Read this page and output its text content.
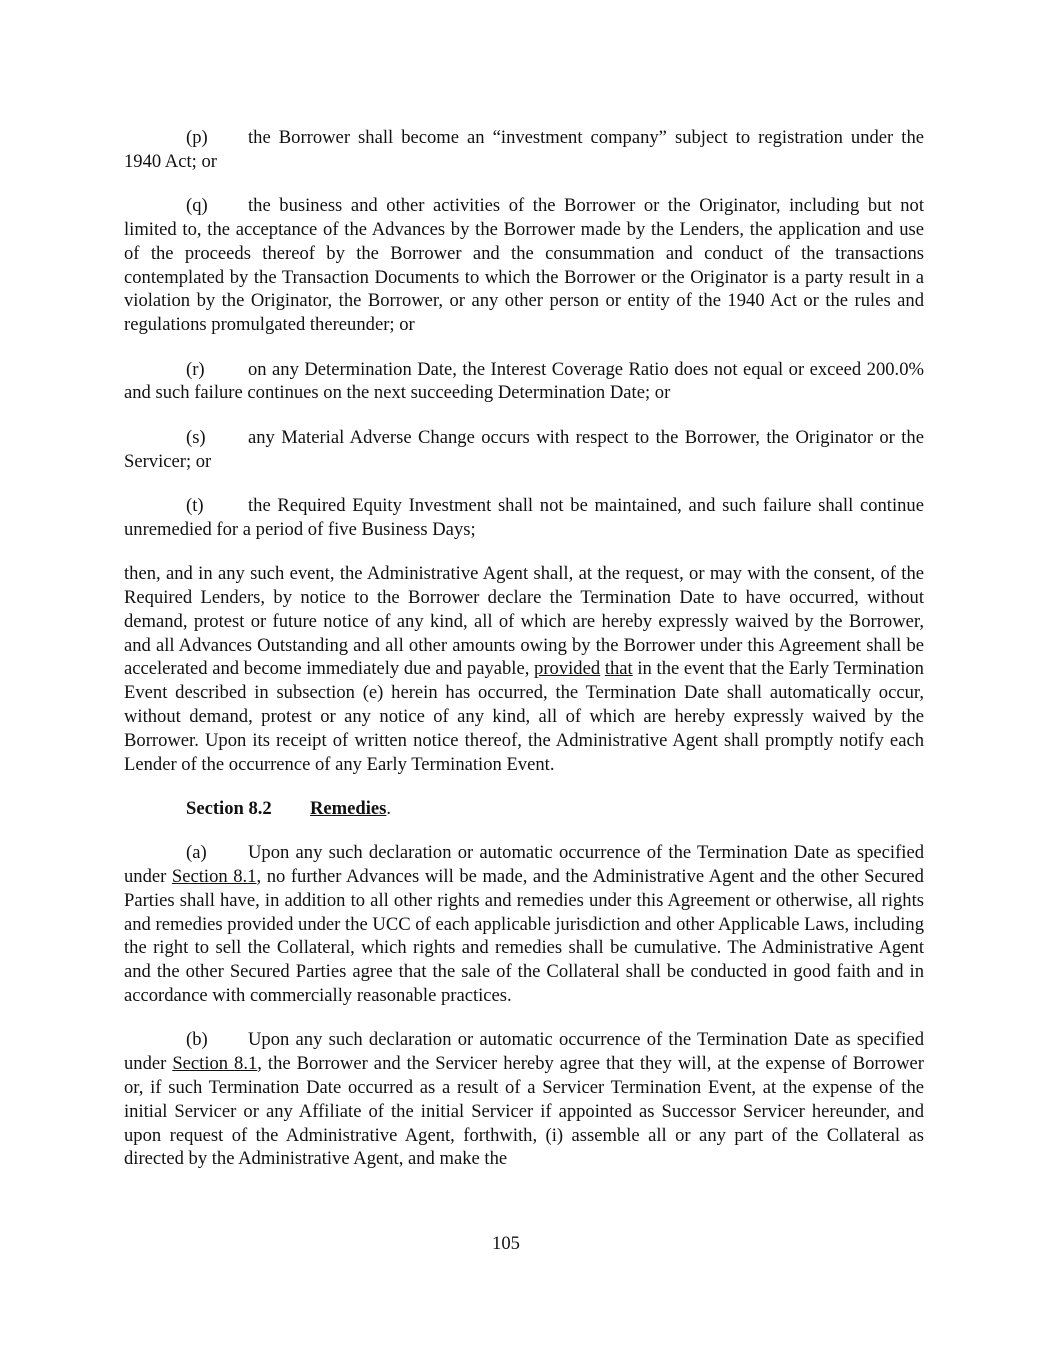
(p) the Borrower shall become an “investment company” subject to registration under the 1940 Act; or

(q) the business and other activities of the Borrower or the Originator, including but not limited to, the acceptance of the Advances by the Borrower made by the Lenders, the application and use of the proceeds thereof by the Borrower and the consummation and conduct of the transactions contemplated by the Transaction Documents to which the Borrower or the Originator is a party result in a violation by the Originator, the Borrower, or any other person or entity of the 1940 Act or the rules and regulations promulgated thereunder; or

(r) on any Determination Date, the Interest Coverage Ratio does not equal or exceed 200.0% and such failure continues on the next succeeding Determination Date; or

(s) any Material Adverse Change occurs with respect to the Borrower, the Originator or the Servicer; or

(t) the Required Equity Investment shall not be maintained, and such failure shall continue unremedied for a period of five Business Days;

then, and in any such event, the Administrative Agent shall, at the request, or may with the consent, of the Required Lenders, by notice to the Borrower declare the Termination Date to have occurred, without demand, protest or future notice of any kind, all of which are hereby expressly waived by the Borrower, and all Advances Outstanding and all other amounts owing by the Borrower under this Agreement shall be accelerated and become immediately due and payable, provided that in the event that the Early Termination Event described in subsection (e) herein has occurred, the Termination Date shall automatically occur, without demand, protest or any notice of any kind, all of which are hereby expressly waived by the Borrower. Upon its receipt of written notice thereof, the Administrative Agent shall promptly notify each Lender of the occurrence of any Early Termination Event.

Section 8.2 Remedies.

(a) Upon any such declaration or automatic occurrence of the Termination Date as specified under Section 8.1, no further Advances will be made, and the Administrative Agent and the other Secured Parties shall have, in addition to all other rights and remedies under this Agreement or otherwise, all rights and remedies provided under the UCC of each applicable jurisdiction and other Applicable Laws, including the right to sell the Collateral, which rights and remedies shall be cumulative. The Administrative Agent and the other Secured Parties agree that the sale of the Collateral shall be conducted in good faith and in accordance with commercially reasonable practices.

(b) Upon any such declaration or automatic occurrence of the Termination Date as specified under Section 8.1, the Borrower and the Servicer hereby agree that they will, at the expense of Borrower or, if such Termination Date occurred as a result of a Servicer Termination Event, at the expense of the initial Servicer or any Affiliate of the initial Servicer if appointed as Successor Servicer hereunder, and upon request of the Administrative Agent, forthwith, (i) assemble all or any part of the Collateral as directed by the Administrative Agent, and make the

105
